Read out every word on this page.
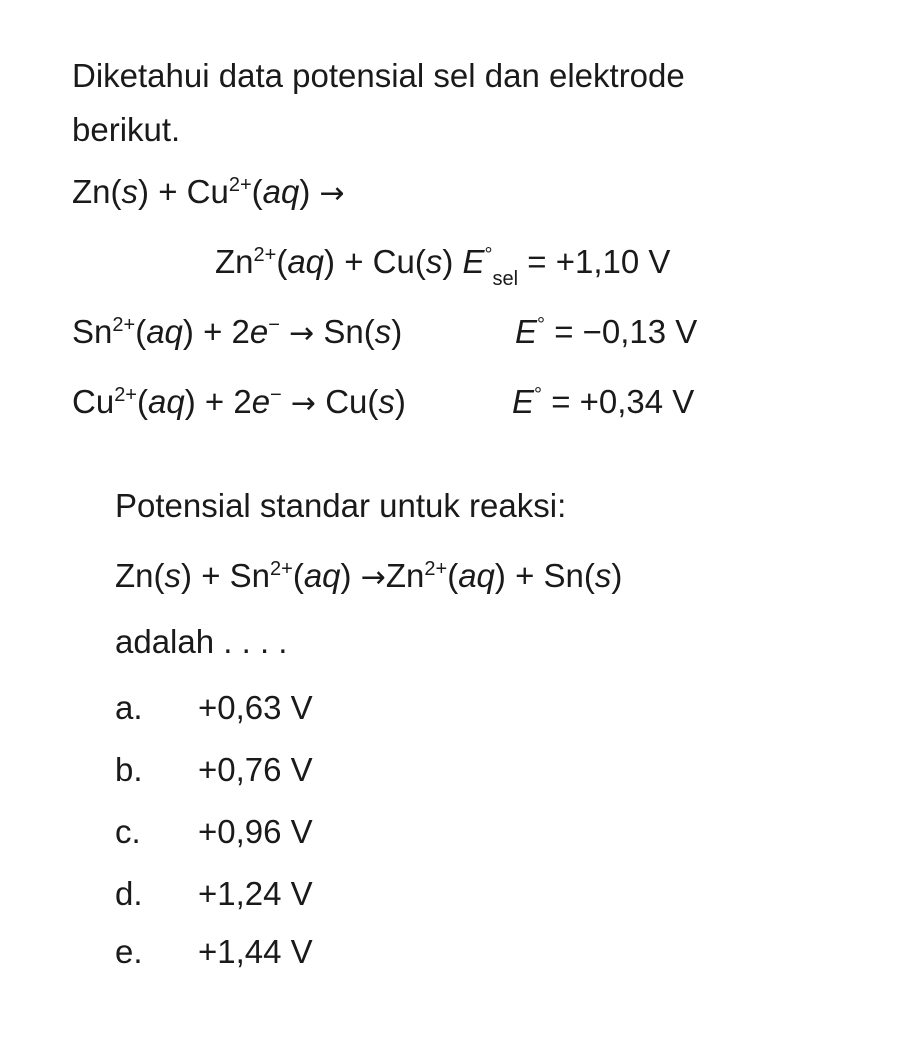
Diketahui data potensial sel dan elektrode
berikut.
$Zn(s) + Cu^{2+}(aq)$ →
$Zn^{2+}(aq) + Cu(s) E^\circ_{sel} = +1,10$ V
$Sn^{2+}(aq) + 2e^- \to Sn(s)$	E° = −0,13 V
$Cu^{2+}(aq) + 2e^- \to Cu(s)$	E° = +0,34 V
Potensial standar untuk reaksi:
$Zn(s) + Sn^{2+}(aq) \to Zn^{2+}(aq) + Sn(s)$
adalah . . . .
a. +0,63 V
b. +0,76 V
c. +0,96 V
d. +1,24 V
e. +1,44 V
